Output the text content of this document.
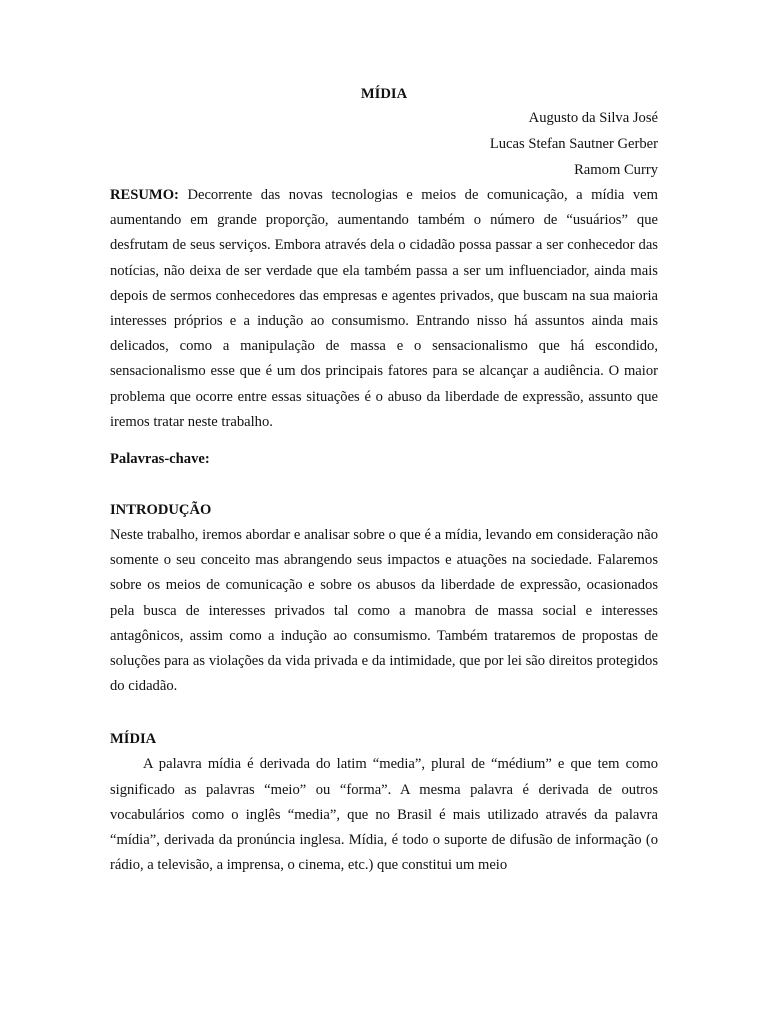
MÍDIA

Augusto da Silva José

Lucas Stefan Sautner Gerber

Ramom Curry

RESUMO: Decorrente das novas tecnologias e meios de comunicação, a mídia vem aumentando em grande proporção, aumentando também o número de “usuários” que desfrutam de seus serviços. Embora através dela o cidadão possa passar a ser conhecedor das notícias, não deixa de ser verdade que ela também passa a ser um influenciador, ainda mais depois de sermos conhecedores das empresas e agentes privados, que buscam na sua maioria interesses próprios e a indução ao consumismo. Entrando nisso há assuntos ainda mais delicados, como a manipulação de massa e o sensacionalismo que há escondido, sensacionalismo esse que é um dos principais fatores para se alcançar a audiência. O maior problema que ocorre entre essas situações é o abuso da liberdade de expressão, assunto que iremos tratar neste trabalho.

Palavras-chave:

INTRODUÇÃO

Neste trabalho, iremos abordar e analisar sobre o que é a mídia, levando em consideração não somente o seu conceito mas abrangendo seus impactos e atuações na sociedade. Falaremos sobre os meios de comunicação e sobre os abusos da liberdade de expressão, ocasionados pela busca de interesses privados tal como a manobra de massa social e interesses antagônicos, assim como a indução ao consumismo. Também trataremos de propostas de soluções para as violações da vida privada e da intimidade, que por lei são direitos protegidos do cidadão.

MÍDIA

A palavra mídia é derivada do latim “media”, plural de “médium” e que tem como significado as palavras “meio” ou “forma”. A mesma palavra é derivada de outros vocabulários como o inglês “media”, que no Brasil é mais utilizado através da palavra “mídia”, derivada da pronúncia inglesa. Mídia, é todo o suporte de difusão de informação (o rádio, a televisão, a imprensa, o cinema, etc.) que constitui um meio
